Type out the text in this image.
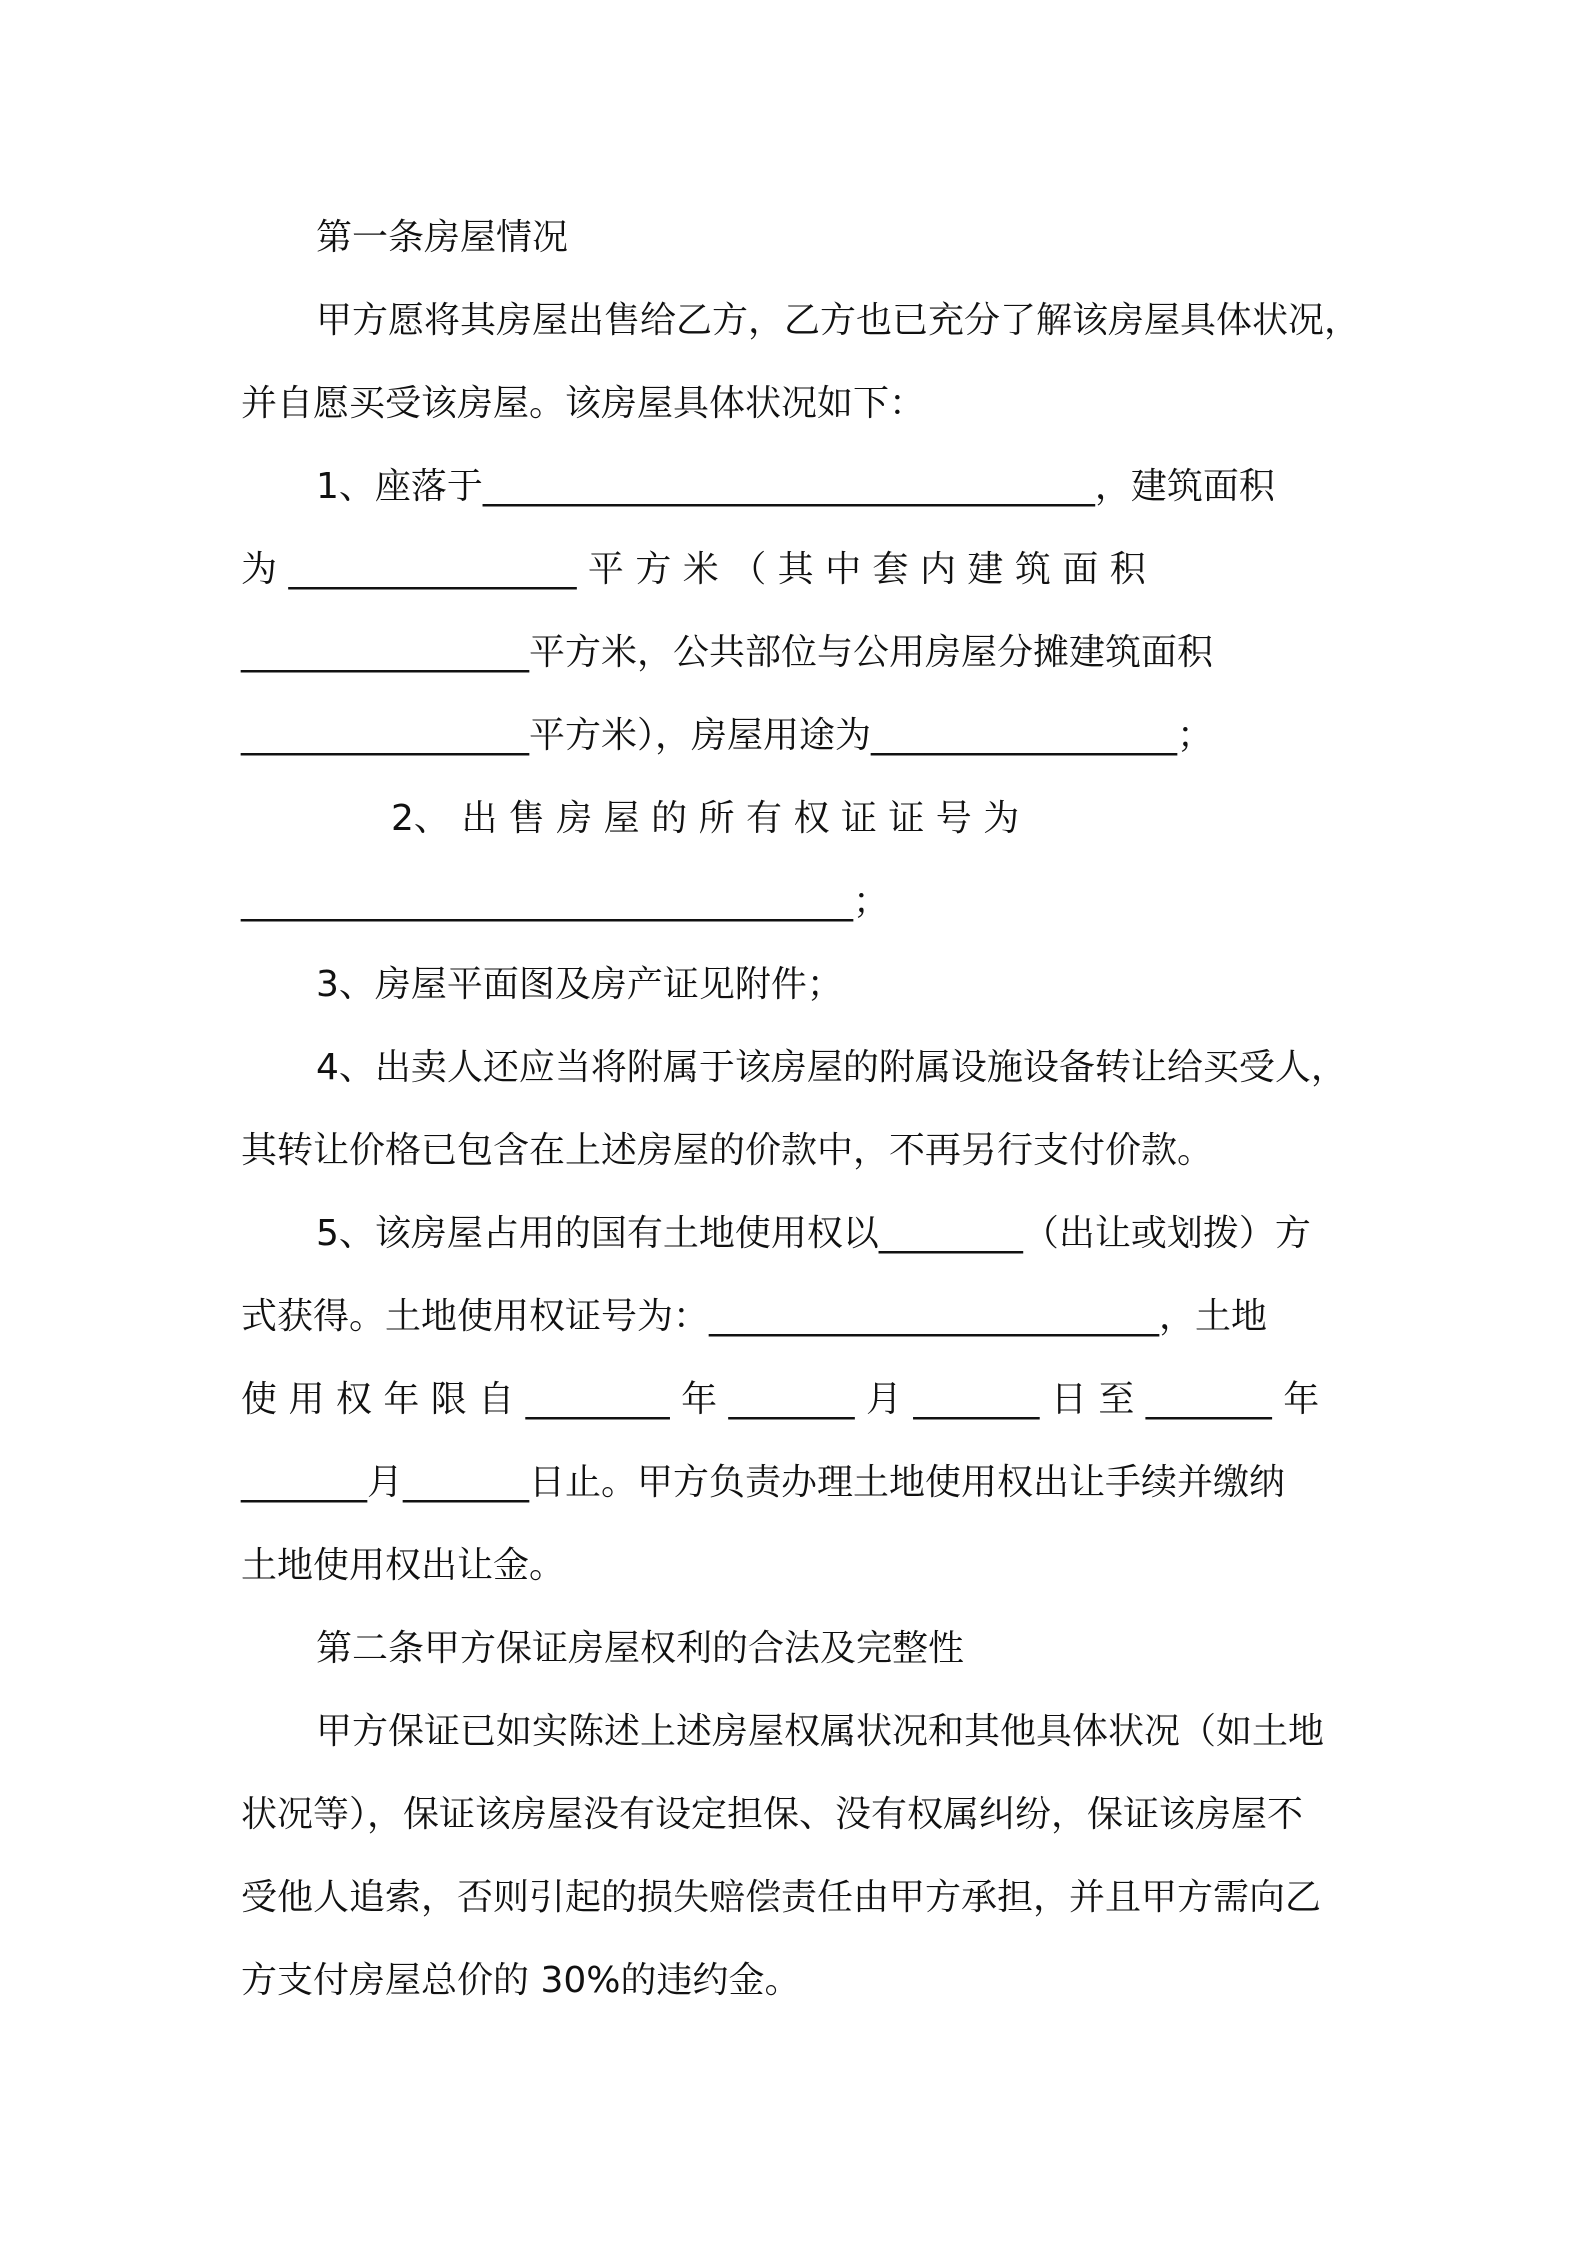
第一条房屋情况
甲方愿将其房屋出售给乙方，乙方也已充分了解该房屋具体状况，
并自愿买受该房屋。该房屋具体状况如下：
1、座落于__________________________________，建筑面积
为 ________________ 平 方 米 （ 其 中 套 内 建 筑 面 积
________________平方米，公共部位与公用房屋分摊建筑面积
________________平方米），房屋用途为_________________；
2、 出 售 房 屋 的 所 有 权 证 证 号 为
__________________________________；
3、房屋平面图及房产证见附件；
4、出卖人还应当将附属于该房屋的附属设施设备转让给买受人，
其转让价格已包含在上述房屋的价款中，不再另行支付价款。
5、该房屋占用的国有土地使用权以________（出让或划拨）方
式获得。土地使用权证号为：_________________________，土地
使 用 权 年 限 自 ________ 年 _______ 月 _______ 日 至 _______ 年
_______月_______日止。甲方负责办理土地使用权出让手续并缴纳
土地使用权出让金。
第二条甲方保证房屋权利的合法及完整性
甲方保证已如实陈述上述房屋权属状况和其他具体状况（如土地
状况等），保证该房屋没有设定担保、没有权属纠纷，保证该房屋不
受他人追索，否则引起的损失赔偿责任由甲方承担，并且甲方需向乙
方支付房屋总价的 30%的违约金。
